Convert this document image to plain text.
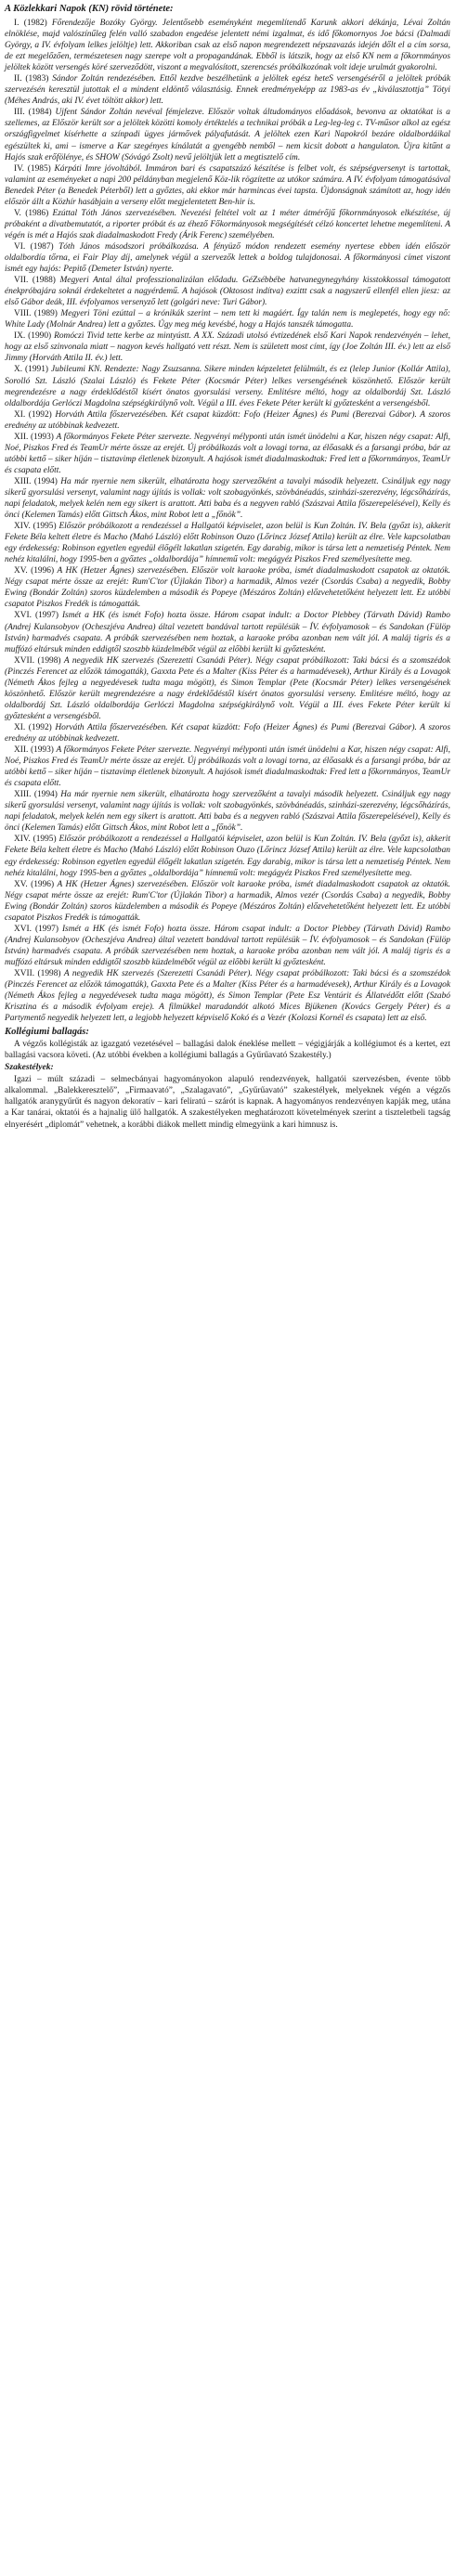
A Közlekkari Napok (KN) rövid története:

I. (1982) Főrendezője Bozóky György. Jelentősebb eseményként megemlítendő Karunk akkori dékánja, Lévai Zoltán elnöklése, majd valószínűleg felén valló szabadon engedése jelentett némi izgalmat, és idő főkomornyos Joe bácsi (Dalmadi György, a IV. évfolyam lelkes jelöltje) lett. Akkoriban csak az első napon megrendezett népszavazás idején dőlt el a cím sorsa, de ezt megelőzően, természetesen nagy szerepe volt a propagandának. Ebből is látszik, hogy az első KN nem a főkornmányos jelöltek között versengés köré szerveződött, viszont a megvalósított, szerencsés próbálkozónak volt ideje urulmát gyakorolni.

II. (1983) Sándor Zoltán rendezésében. Ettől kezdve beszélhetünk a jelöltek egész heteS versengéséről a jelöltek próbák szervezésén keresztül jutottak el a mindent eldöntő választásig. Ennek eredményeképp az 1983-as év „kiválasztottja” Tötyi (Méhes András, aki IV. évet töltött akkor) lett.

III. (1984) Ujfent Sándor Zoltán nevéval fémjelezve. Először voltak áltudományos előadások, bevonva az oktatókat is a szellemes, az Először került sor a jelöltek közötti komoly értéktelés a technikai próbák a Leg-leg-leg c. TV-műsor alkol az egész országfigyelmet kísérhette a színpadi ügyes jármővek pályafutását. A jelöltek ezen Kari Napokról bezáre oldalbordáikal egészültek ki, ami – ismerve a Kar szegényes kínálatát a gyengébb nemből – nem kicsit dobott a hangulaton. Újra kitűnt a Hajós szak erőfölénye, és SHOW (Sóvágó Zsolt) nevű jelöltjük lett a megtisztelő cím.

IV. (1985) Kárpáti Imre jóvoltából. Immáron bari és csapatszázó készítése is felbet volt, és szépségversenyt is tartottak, valamint az eseményeket a napi 200 példányban megjelenő Köz-lik rögzítette az utókor számára. A IV. évfolyam támogatásával Benedek Péter (a Benedek Péterből) lett a győztes, aki ekkor már harmincas évei tapsta. Újdonságnak számított az, hogy idén először állt a Közhír hasábjain a verseny előtt megjelentetett Ben-hir is.

V. (1986) Ezúttal Tóth János szervezésében. Nevezési feltétel volt az 1 méter átmérőjű főkornmányosok elkészítése, új próbaként a divatbemutatót, a riporter próbát és az éhező Főkormányosok megségítését célzó koncertet lehetne megemlíteni. A végén is mét a Hajós szak diadalmaskodott Fredy (Árik Ferenc) személyében.

VI. (1987) Tóth János másodszori próbálkozása. A fényüző módon rendezett esemény nyertese ebben idén először oldalbordía tőrna, ei Fair Play díj, amelynek végül a szervezők lettek a boldog tulajdonosai. A főkormányosi címet viszont ismét egy hajós: Pepitő (Demeter István) nyerte.

VII. (1988) Megyeri Antal által professzionalizálan elődadu. GéZsébbébe hatvanegynegyhány kisstokkossal támogatott énekpróbajára soknál érdekeltetet a nagyérdemű. A hajósok (Oktosost indítva) exzittt csak a nagyszerű ellenfél ellen jiesz: az első Gábor deák, III. évfolyamos versenyző lett (golgári neve: Turi Gábor).

VIII. (1989) Megyeri Töni ezúttal – a krónikák szerint – nem tett ki magáért. Így talán nem is meglepetés, hogy egy nő: White Lady (Molnár Andrea) lett a győztes. Úgy meg még kevésbé, hogy a Hajós tanszék támogatta.

IX. (1990) Romóczi Tivid tette kerbe az mintyústt. A XX. Századi utolsó évtizedének első Kari Napok rendezvényén – lehet, hogy az első szinvonala miatt – nagyon kevés hallgató vett részt. Nem is született most címt, így (Joe Zoltán III. év.) lett az első Jimmy (Horváth Attila II. év.) lett.

X. (1991) Jubileumi KN. Rendezte: Nagy Zsuzsanna. Sikere minden képzeletet felülmúlt, és ez (lelep Junior (Kollár Attila), Sorolló Szt. László (Szalai László) és Fekete Péter (Kocsmár Péter) lelkes versengésének köszönhető. Először került megrendezésre a nagy érdeklődéstől kísért önatos gyorsulási verseny. Emlitésre méltó, hogy az oldalbordáj Szt. László oldalbordája Gerlóczi Magdolna szépségkirálynő volt. Végül a III. éves Fekete Péter került ki győztesként a versengésből.

XI. (1992) Horváth Attila főszervezésében. Két csapat küzdött: Fofo (Heizer Ágnes) és Pumi (Berezvai Gábor). A szoros erednény az utóbbinak kedvezett.

XII. (1993) A főkormányos Fekete Péter szervezte. Negyvényi mélyponti után ismét ünödelni a Kar, hiszen négy csapat: Alfi, Noé, Piszkos Fred és TeamUr mérte össze az erejét. Új próbálkozás volt a lovagi torna, az élőasakk és a farsangi próba, bár az utóbbi kettő – siker híján – tisztavimp életlenek bizonyult. A hajósok ismét diadalmaskodtak: Fred lett a főkornmányos, TeamUr és csapata előtt.

XIII. (1994) Ha már nyernie nem sikerült, elhatározta hogy szervezőként a tavalyi második helyezett. Csináljuk egy nagy sikerű gyorsulási versenyt, valamint nagy újítás is vollak: volt szobagyönkés, szövbánéadás, szinházi-szerezvény, légcsőházírás, napi feladatok, melyek kelén nem egy sikert is arattott. Atti baba és a negyven rabló (Szászvai Attila főszerepelésével), Kelly és önci (Kelemen Tamás) előtt Gittsch Ákos, mint Robot lett a „főnök”.

XIV. (1995) Először próbálkozott a rendezéssel a Hallgatói képviselet, azon belül is Kun Zoltán. IV. Bela (győzt is), akkerit Fekete Béla keltett életre és Macho (Mahó László) előtt Robinson Ouzo (Lőrincz József Attila) került az élre. Vele kapcsolatban egy érdekesség: Robinson egyetlen egyedül élőgélt lakatlan szigetén. Egy darabig, mikor is társa lett a nemzetiség Péntek. Nem nehéz kitalálni, hogy 1995-ben a győztes „oldalbordája” hímnemű volt: megágyéz Piszkos Fred személyesítette meg.

XV. (1996) A HK (Hetzer Ágnes) szervezésében. Először volt karaoke próba, ismét diadalmaskodott csapatok az oktatók. Négy csapat mérte össze az erejét: Rum'C'tor (Újlakán Tibor) a harmadik, Almos vezér (Csordás Csaba) a negyedik, Bobby Ewing (Bondár Zoltán) szoros küzdelemben a második és Popeye (Mészáros Zoltán) előzvehetetőként helyezett lett. Ez utóbbi csapatot Piszkos Fredék is támogatták.

XVI. (1997) Ismét a HK (és ismét Fofo) hozta össze. Három csapat indult: a Doctor Plebbey (Tárvath Dávid) Rambo (Andrej Kulansobyov (Ocheszjéva Andrea) által vezetett bandával tartott repülésük – ÍV. évfolyamosok – és Sandokan (Fülöp István) harmadvés csapata. A próbák szervezésében nem hoztak, a karaoke próba azonban nem vált jól. A maláj tigris és a muffózó eltársuk minden eddigtől szoszbb küzdelmébőt végül az előbbi került ki győztesként.

XVII. (1998) A negyedik HK szervezés (Szerezetti Csanádi Péter). Négy csapat próbálkozott: Taki bácsi és a szomszédok (Pinczés Ferencet az előzök támogatták), Gaxxta Pete és a Malter (Kiss Péter és a harmadévesek), Arthur Király és a Lovagok (Németh Ákos fejleg a negyedévesek tudta maga mögött), és Simon Templar (Pete (Kocsmár Péter) lelkes versengésének köszönhető. Először került megrendezésre a nagy érdeklődéstől kísért önatos gyorsulási verseny. Emlitésre méltó, hogy az oldalbordáj Szt. László oldalbordája Gerlóczi Magdolna szépségkirálynő volt. Végül a III. éves Fekete Péter került ki győztesként a versengésből.

XI. (1992) Horváth Attila főszervezésében. Két csapat küzdött: Fofo (Heizer Ágnes) és Pumi (Berezvai Gábor). A szoros erednény az utóbbinak kedvezett.

XII. (1993) A főkormányos Fekete Péter szervezte. Negyvényi mélyponti után ismét ünödelni a Kar, hiszen négy csapat: Alfi, Noé, Piszkos Fred és TeamUr mérte össze az erejét. Új próbálkozás volt a lovagi torna, az élőasakk és a farsangi próba, bár az utóbbi kettő – siker híján – tisztavimp életlenek bizonyult. A hajósok ismét diadalmaskodtak: Fred lett a főkornmányos, TeamUr és csapata előtt.

XIII. (1994) Ha már nyernie nem sikerült, elhatározta hogy szervezőként a tavalyi második helyezett. Csináljuk egy nagy sikerű gyorsulási versenyt, valamint nagy újítás is vollak: volt szobagyönkés, szövbánéadás, szinházi-szerezvény, légcsőházírás, napi feladatok, melyek kelén nem egy sikert is arattott. Atti baba és a negyven rabló (Szászvai Attila főszerepelésével), Kelly és önci (Kelemen Tamás) előtt Gittsch Ákos, mint Robot lett a „főnök”.

XIV. (1995) Először próbálkozott a rendezéssel a Hallgatói képviselet, azon belül is Kun Zoltán. IV. Bela (győzt is), akkerit Fekete Béla keltett életre és Macho (Mahó László) előtt Robinson Ouzo (Lőrincz József Attila) került az élre. Vele kapcsolatban egy érdekesség: Robinson egyetlen egyedül élőgélt lakatlan szigetén. Egy darabig, mikor is társa lett a nemzetiség Péntek. Nem nehéz kitalálni, hogy 1995-ben a győztes „oldalbordája” hímnemű volt: megágyéz Piszkos Fred személyesítette meg.

XV. (1996) A HK (Hetzer Ágnes) szervezésében. Először volt karaoke próba, ismét diadalmaskodott csapatok az oktatók. Négy csapat mérte össze az erejét: Rum'C'tor (Újlakán Tibor) a harmadik, Almos vezér (Csordás Csaba) a negyedik, Bobby Ewing (Bondár Zoltán) szoros küzdelemben a második és Popeye (Mészáros Zoltán) előzvehetetőként helyezett lett. Ez utóbbi csapatot Piszkos Fredék is támogatták.

XVI. (1997) Ismét a HK (és ismét Fofo) hozta össze. Három csapat indult: a Doctor Plebbey (Tárvath Dávid) Rambo (Andrej Kulansobyov (Ocheszjéva Andrea) által vezetett bandával tartott repülésük – ÍV. évfolyamosok – és Sandokan (Fülöp István) harmadvés csapata. A próbák szervezésében nem hoztak, a karaoke próba azonban nem vált jól. A maláj tigris és a muffózó eltársuk minden eddigtől szoszbb küzdelmébőt végül az előbbi került ki győztesként.

XVII. (1998) A negyedik HK szervezés (Szerezetti Csanádi Péter). Négy csapat próbálkozott: Taki bácsi és a szomszédok (Pinczés Ferencet az előzök támogatták), Gaxxta Pete és a Malter (Kiss Péter és a harmadévesek), Arthur Király és a Lovagok (Németh Ákos fejleg a negyedévesek tudta maga mögött), és Simon Templar (Pete Esz Ventúrit és Állatvédőtt előtt (Szabó Krisztina és a második évfolyam ereje). A filmükkel maradandót alkotó Mices Bjükenen (Kovács Gergely Péter) és a Partymentő negyedik helyezett lett, a legjobb helyezett képviselő Kokó és a Vezér (Kolozsi Kornél és csapata) lett az első.

Kollégiumi ballagás:

A végzős kollégisták az igazgató vezetésével – ballagási dalok éneklése mellett – végigjárják a kollégiumot és a kertet, ezt ballagási vacsora követi. (Az utóbbi években a kollégiumi ballagás a Gyűrűavató Szakestély.)

Szakestélyek:

Igazi – múlt századi – selmecbányai hagyományokon alapuló rendezvények, hallgatói szervezésben, évente több alkalommal. „Balekkeresztelő”, „Firmaavató”, „Szalagavató”, „Gyűrűavató” szakestélyek, melyeknek végén a végzős hallgatók aranygyűrűt és nagyon dekoratív – kari feliratú – szárót is kapnak. A hagyományos rendezvényen kapják meg, utána a Kar tanárai, oktatói és a hajnalig ülő hallgatók. A szakestélyeken meghatározott követelmények szerint a tiszteletbeli tagság elnyerésért „diplomát” vehetnek, a korábbi diákok mellett mindig elmegyünk a kari himnusz is.
